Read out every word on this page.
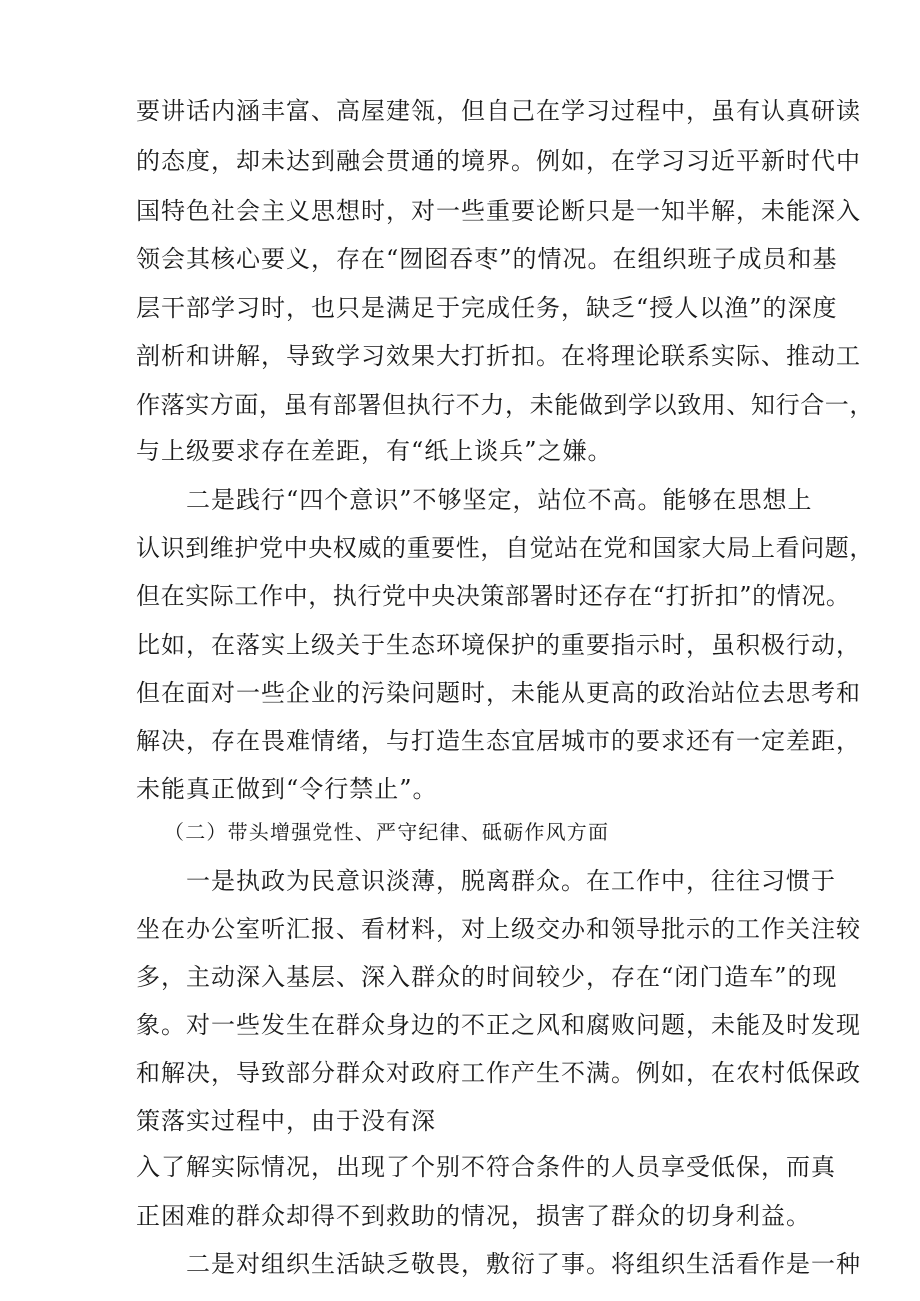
要讲话内涵丰富、高屋建瓴，但自己在学习过程中，虽有认真研读
的态度，却未达到融会贯通的境界。例如，在学习习近平新时代中
国特色社会主义思想时，对一些重要论断只是一知半解，未能深入
领会其核心要义，存在“囫囵吞枣”的情况。在组织班子成员和基
层干部学习时，也只是满足于完成任务，缺乏“授人以渔”的深度
剖析和讲解，导致学习效果大打折扣。在将理论联系实际、推动工
作落实方面，虽有部署但执行不力，未能做到学以致用、知行合一，
与上级要求存在差距，有“纸上谈兵”之嫌。
二是践行“四个意识”不够坚定，站位不高。能够在思想上
认识到维护党中央权威的重要性，自觉站在党和国家大局上看问题，
但在实际工作中，执行党中央决策部署时还存在“打折扣”的情况。
比如，在落实上级关于生态环境保护的重要指示时，虽积极行动，
但在面对一些企业的污染问题时，未能从更高的政治站位去思考和
解决，存在畏难情绪，与打造生态宜居城市的要求还有一定差距，
未能真正做到“令行禁止”。
（二）带头增强党性、严守纪律、砥砺作风方面
一是执政为民意识淡薄，脱离群众。在工作中，往往习惯于
坐在办公室听汇报、看材料，对上级交办和领导批示的工作关注较
多，主动深入基层、深入群众的时间较少，存在“闭门造车”的现
象。对一些发生在群众身边的不正之风和腐败问题，未能及时发现
和解决，导致部分群众对政府工作产生不满。例如，在农村低保政
策落实过程中，由于没有深
入了解实际情况，出现了个别不符合条件的人员享受低保，而真
正困难的群众却得不到救助的情况，损害了群众的切身利益。
二是对组织生活缺乏敬畏，敷衍了事。将组织生活看作是一种
